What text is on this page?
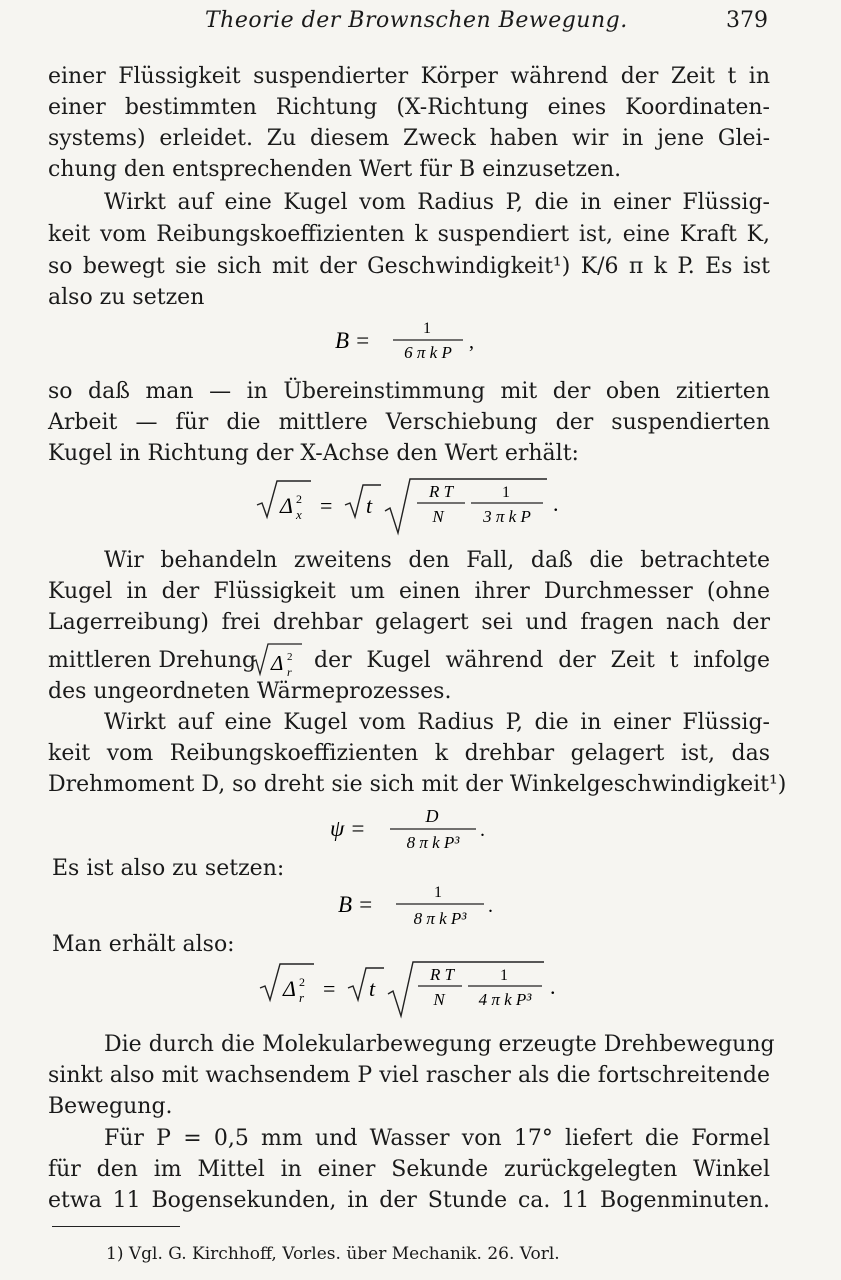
Theorie der Brownschen Bewegung.	379
einer Flüssigkeit suspendierter Körper während der Zeit t in
einer bestimmten Richtung (X-Richtung eines Koordinaten-
systems) erleidet. Zu diesem Zweck haben wir in jene Glei-
chung den entsprechenden Wert für B einzusetzen.
Wirkt auf eine Kugel vom Radius P, die in einer Flüssig-
keit vom Reibungskoeffizienten k suspendiert ist, eine Kraft K,
so bewegt sie sich mit der Geschwindigkeit¹) K/6 π k P. Es ist
also zu setzen
B =	1
6 π k P ,
so daß man — in Übereinstimmung mit der oben zitierten
Arbeit — für die mittlere Verschiebung der suspendierten
Kugel in Richtung der X-Achse den Wert erhält:
Δ 2
x = t
R T
N
1
3 π k P
.
Wir behandeln zweitens den Fall, daß die betrachtete
Kugel in der Flüssigkeit um einen ihrer Durchmesser (ohne
Lagerreibung) frei drehbar gelagert sei und fragen nach der
mittleren Drehung Δ 2
r der Kugel während der Zeit t infolge
des ungeordneten Wärmeprozesses.
Wirkt auf eine Kugel vom Radius P, die in einer Flüssig-
keit vom Reibungskoeffizienten k drehbar gelagert ist, das
Drehmoment D, so dreht sie sich mit der Winkelgeschwindigkeit¹)
ψ =	D
8 π k P³
.
Es ist also zu setzen:
B =	1
8 π k P³
.
Man erhält also:
Δ 2
r = t
R T
N
1
4 π k P³
.
Die durch die Molekularbewegung erzeugte Drehbewegung
sinkt also mit wachsendem P viel rascher als die fortschreitende
Bewegung.
Für P = 0,5 mm und Wasser von 17° liefert die Formel
für den im Mittel in einer Sekunde zurückgelegten Winkel
etwa 11 Bogensekunden, in der Stunde ca. 11 Bogenminuten.
1) Vgl. G. Kirchhoff, Vorles. über Mechanik. 26. Vorl.
